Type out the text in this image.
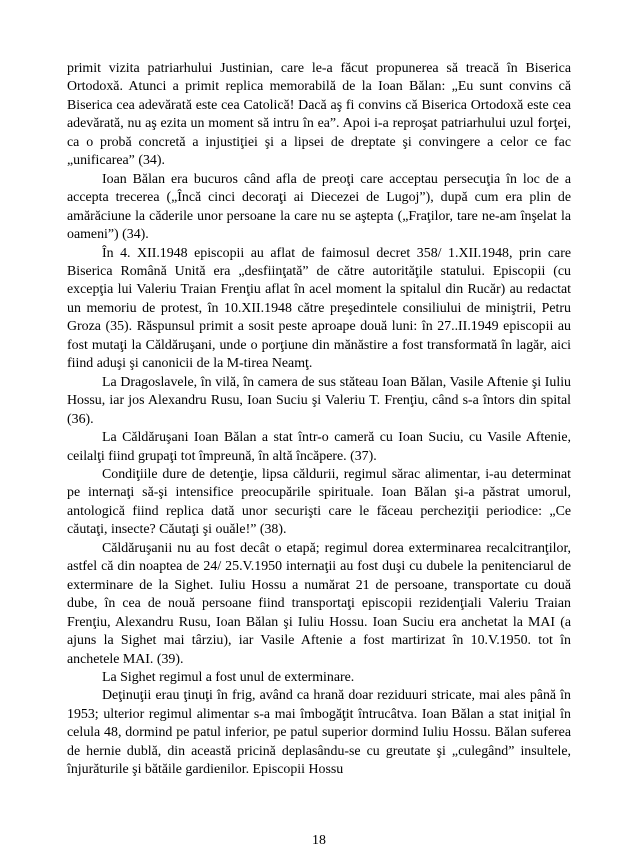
primit vizita patriarhului Justinian, care le-a făcut propunerea să treacă în Biserica Ortodoxă. Atunci a primit replica memorabilă de la Ioan Bălan: „Eu sunt convins că Biserica cea adevărată este cea Catolică! Dacă aş fi convins că Biserica Ortodoxă este cea adevărată, nu aş ezita un moment să intru în ea”. Apoi i-a reproşat patriarhului uzul forţei, ca o probă concretă a injustiţiei şi a lipsei de dreptate şi convingere a celor ce fac „unificarea” (34).

Ioan Bălan era bucuros când afla de preoţi care acceptau persecuţia în loc de a accepta trecerea („Încă cinci decoraţi ai Diecezei de Lugoj”), după cum era plin de amărăciune la căderile unor persoane la care nu se aştepta („Fraţilor, tare ne-am înşelat la oameni”) (34).

În 4. XII.1948 episcopii au aflat de faimosul decret 358/ 1.XII.1948, prin care Biserica Română Unită era „desfiinţată” de către autorităţile statului. Episcopii (cu excepţia lui Valeriu Traian Frenţiu aflat în acel moment la spitalul din Rucăr) au redactat un memoriu de protest, în 10.XII.1948 către preşedintele consiliului de miniştrii, Petru Groza (35). Răspunsul primit a sosit peste aproape două luni: în 27..II.1949 episcopii au fost mutaţi la Căldăruşani, unde o porţiune din mănăstire a fost transformată în lagăr, aici fiind aduşi şi canonicii de la M-tirea Neamţ.

La Dragoslavele, în vilă, în camera de sus stăteau Ioan Bălan, Vasile Aftenie şi Iuliu Hossu, iar jos Alexandru Rusu, Ioan Suciu şi Valeriu T. Frenţiu, când s-a întors din spital (36).

La Căldăruşani Ioan Bălan a stat într-o cameră cu Ioan Suciu, cu Vasile Aftenie, ceilalţi fiind grupaţi tot împreună, în altă încăpere. (37).

Condiţiile dure de detenţie, lipsa căldurii, regimul sărac alimentar, i-au determinat pe internaţi să-şi intensifice preocupările spirituale. Ioan Bălan şi-a păstrat umorul, antologică fiind replica dată unor securişti care le făceau percheziţii periodice: „Ce căutaţi, insecte? Căutaţi şi ouăle!” (38).

Căldăruşanii nu au fost decât o etapă; regimul dorea exterminarea recalcitranţilor, astfel că din noaptea de 24/ 25.V.1950 internaţii au fost duşi cu dubele la penitenciarul de exterminare de la Sighet. Iuliu Hossu a numărat 21 de persoane, transportate cu două dube, în cea de nouă persoane fiind transportaţi episcopii rezidenţiali Valeriu Traian Frenţiu, Alexandru Rusu, Ioan Bălan şi Iuliu Hossu. Ioan Suciu era anchetat la MAI (a ajuns la Sighet mai târziu), iar Vasile Aftenie a fost martirizat în 10.V.1950. tot în anchetele MAI. (39).

La Sighet regimul a fost unul de exterminare.

Deţinuţii erau ţinuţi în frig, având ca hrană doar reziduuri stricate, mai ales până în 1953; ulterior regimul alimentar s-a mai îmbogăţit întrucâtva. Ioan Bălan a stat iniţial în celula 48, dormind pe patul inferior, pe patul superior dormind Iuliu Hossu. Bălan suferea de hernie dublă, din această pricină deplasându-se cu greutate şi „culegând” insultele, înjurăturile şi bătăile gardienilor. Episcopii Hossu

18
